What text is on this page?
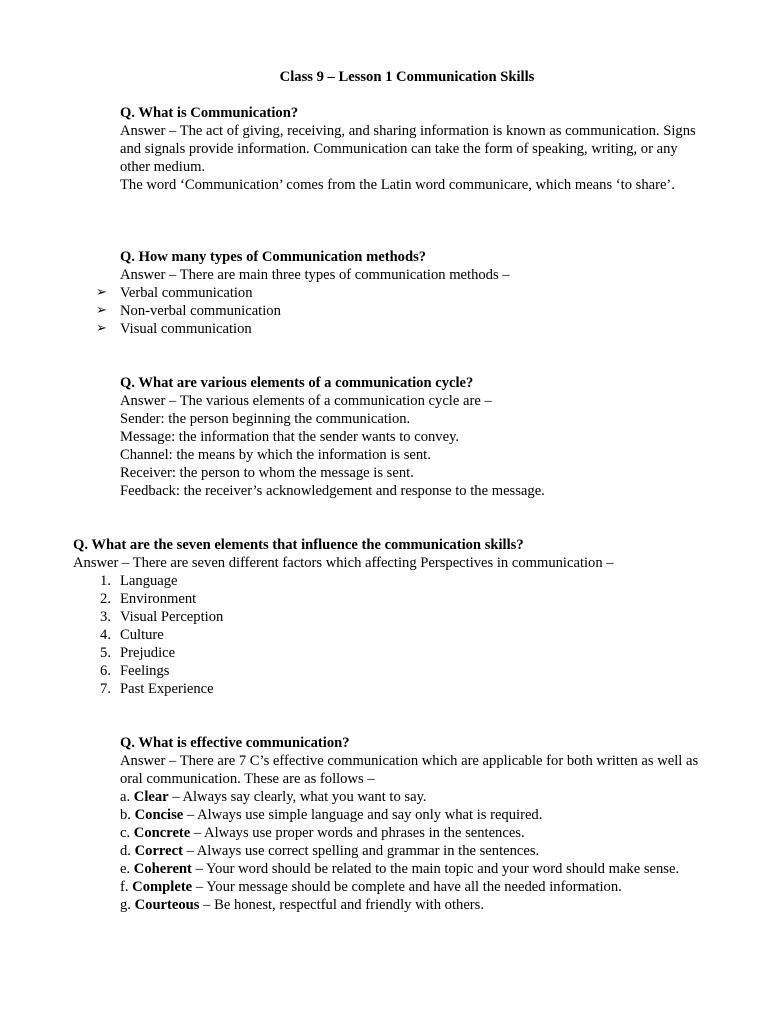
Class 9 – Lesson 1 Communication Skills
Q. What is Communication?
Answer – The act of giving, receiving, and sharing information is known as communication. Signs and signals provide information. Communication can take the form of speaking, writing, or any other medium.
The word ‘Communication’ comes from the Latin word communicare, which means ‘to share’.
Q. How many types of Communication methods?
Answer – There are main three types of communication methods –
➢ Verbal communication
➢ Non-verbal communication
➢ Visual communication
Q. What are various elements of a communication cycle?
Answer – The various elements of a communication cycle are –
Sender: the person beginning the communication.
Message: the information that the sender wants to convey.
Channel: the means by which the information is sent.
Receiver: the person to whom the message is sent.
Feedback: the receiver’s acknowledgement and response to the message.
Q. What are the seven elements that influence the communication skills?
Answer – There are seven different factors which affecting Perspectives in communication –
1. Language
2. Environment
3. Visual Perception
4. Culture
5. Prejudice
6. Feelings
7. Past Experience
Q. What is effective communication?
Answer – There are 7 C’s effective communication which are applicable for both written as well as oral communication. These are as follows –
a. Clear – Always say clearly, what you want to say.
b. Concise – Always use simple language and say only what is required.
c. Concrete – Always use proper words and phrases in the sentences.
d. Correct – Always use correct spelling and grammar in the sentences.
e. Coherent – Your word should be related to the main topic and your word should make sense.
f. Complete – Your message should be complete and have all the needed information.
g. Courteous – Be honest, respectful and friendly with others.
